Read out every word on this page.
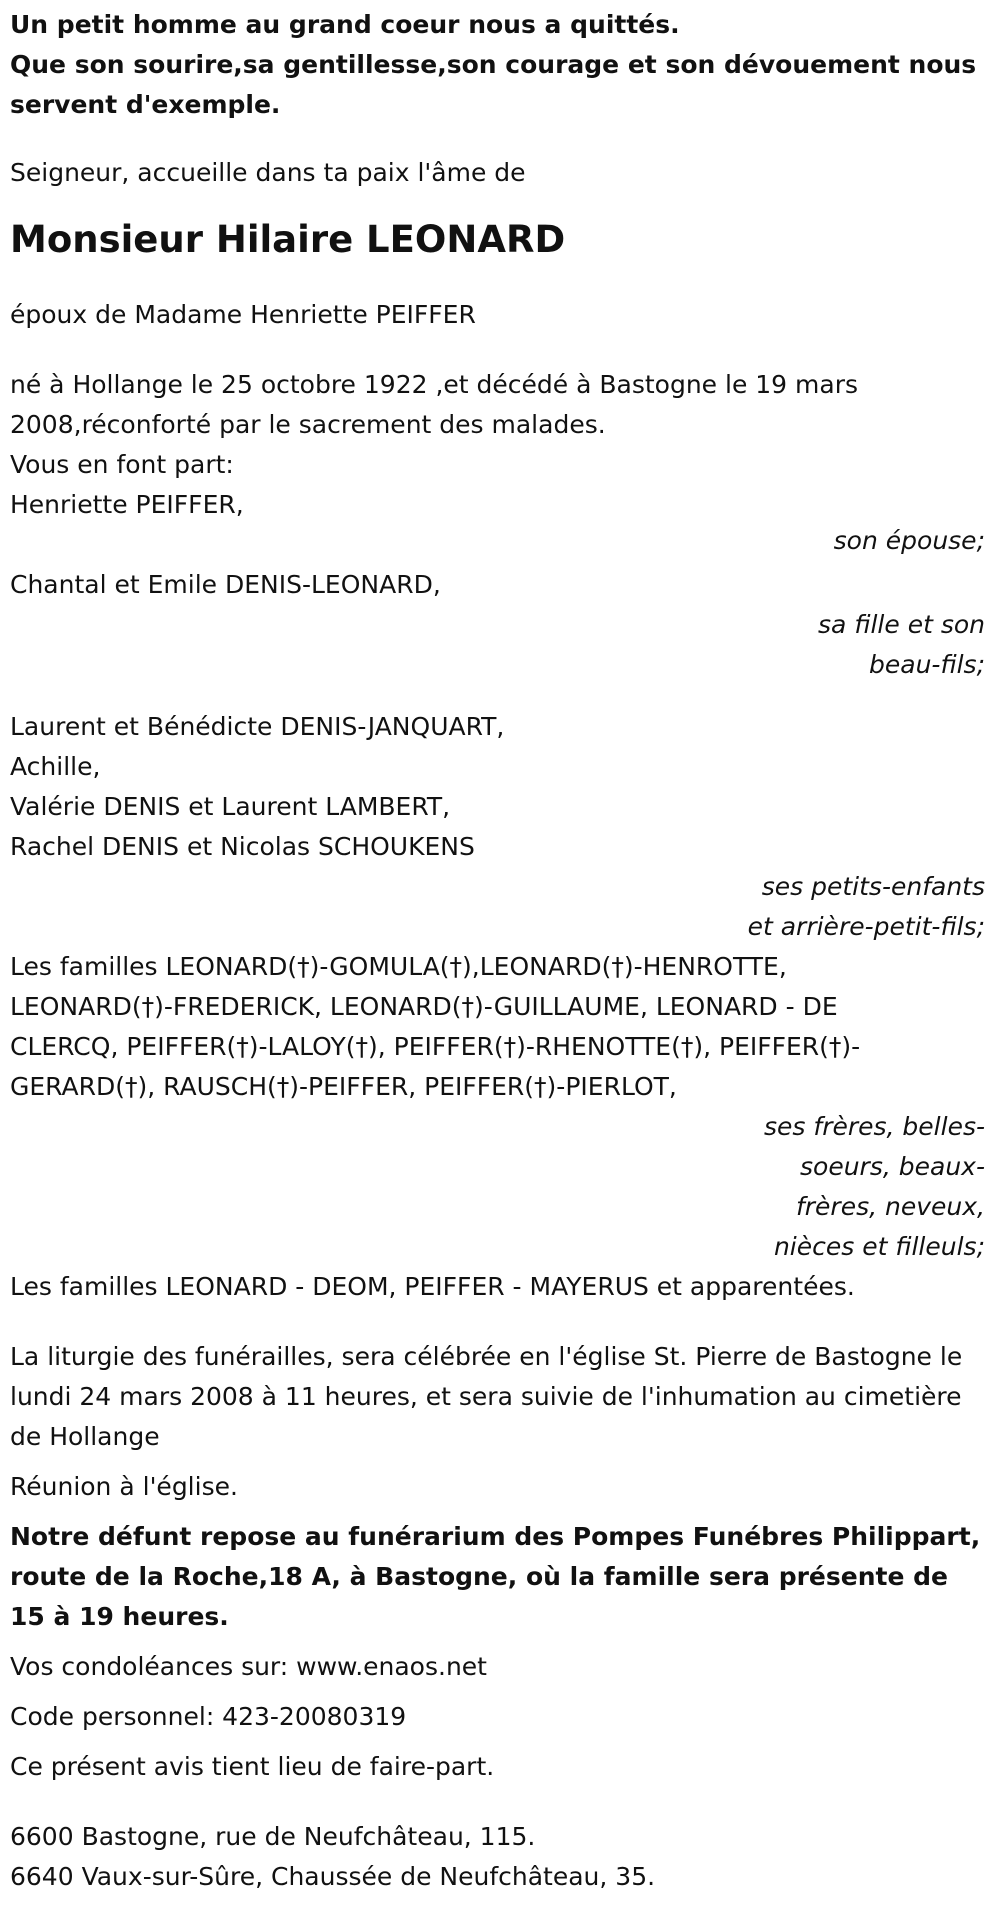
Un petit homme au grand coeur nous a quittés.

Que son sourire,sa gentillesse,son courage et son dévouement nous servent d'exemple.

Seigneur, accueille dans ta paix l'âme de

Monsieur Hilaire LEONARD

époux de Madame Henriette PEIFFER

né à Hollange le 25 octobre 1922 ,et décédé à Bastogne le 19 mars 2008,réconforté par le sacrement des malades.

Vous en font part:

Henriette PEIFFER,

son épouse;

Chantal et Emile DENIS-LEONARD,

sa fille et son
beau-fils;

Laurent et Bénédicte DENIS-JANQUART,

Achille,

Valérie DENIS et Laurent LAMBERT,

Rachel DENIS et Nicolas SCHOUKENS

ses petits-enfants
et arrière-petit-fils;

Les familles LEONARD(†)-GOMULA(†),LEONARD(†)-HENROTTE,

LEONARD(†)-FREDERICK, LEONARD(†)-GUILLAUME, LEONARD - DE

CLERCQ, PEIFFER(†)-LALOY(†), PEIFFER(†)-RHENOTTE(†), PEIFFER(†)-

GERARD(†), RAUSCH(†)-PEIFFER, PEIFFER(†)-PIERLOT,

ses frères, belles-
soeurs, beaux-
frères, neveux,
nièces et filleuls;

Les familles LEONARD - DEOM, PEIFFER - MAYERUS et apparentées.

La liturgie des funérailles, sera célébrée en l'église St. Pierre de Bastogne le lundi 24 mars 2008 à 11 heures, et sera suivie de l'inhumation au cimetière de Hollange

Réunion à l'église.

Notre défunt repose au funérarium des Pompes Funébres Philippart, route de la Roche,18 A, à Bastogne, où la famille sera présente de 15 à 19 heures.

Vos condoléances sur: www.enaos.net

Code personnel: 423-20080319

Ce présent avis tient lieu de faire-part.

6600 Bastogne, rue de Neufchâteau, 115.

6640 Vaux-sur-Sûre, Chaussée de Neufchâteau, 35.
